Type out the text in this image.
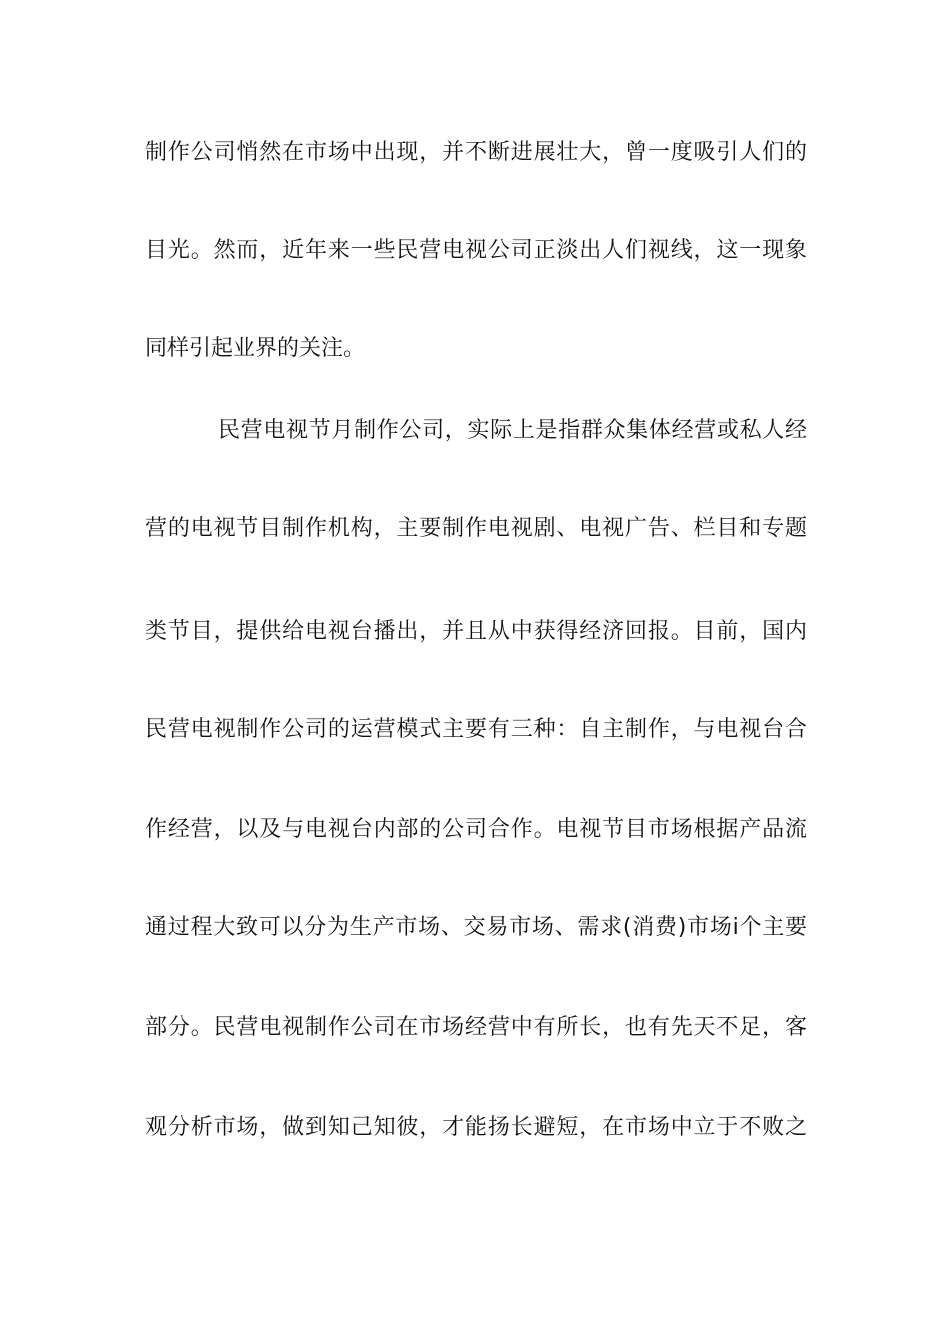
制作公司悄然在市场中出现，并不断进展壮大，曾一度吸引人们的
目光。然而，近年来一些民营电视公司正淡出人们视线，这一现象
同样引起业界的关注。
民营电视节月制作公司，实际上是指群众集体经营或私人经
营的电视节目制作机构，主要制作电视剧、电视广告、栏目和专题
类节目，提供给电视台播出，并且从中获得经济回报。目前，国内
民营电视制作公司的运营模式主要有三种：自主制作，与电视台合
作经营，以及与电视台内部的公司合作。电视节目市场根据产品流
通过程大致可以分为生产市场、交易市场、需求(消费)市场i个主要
部分。民营电视制作公司在市场经营中有所长，也有先天不足，客
观分析市场，做到知己知彼，才能扬长避短，在市场中立于不败之
